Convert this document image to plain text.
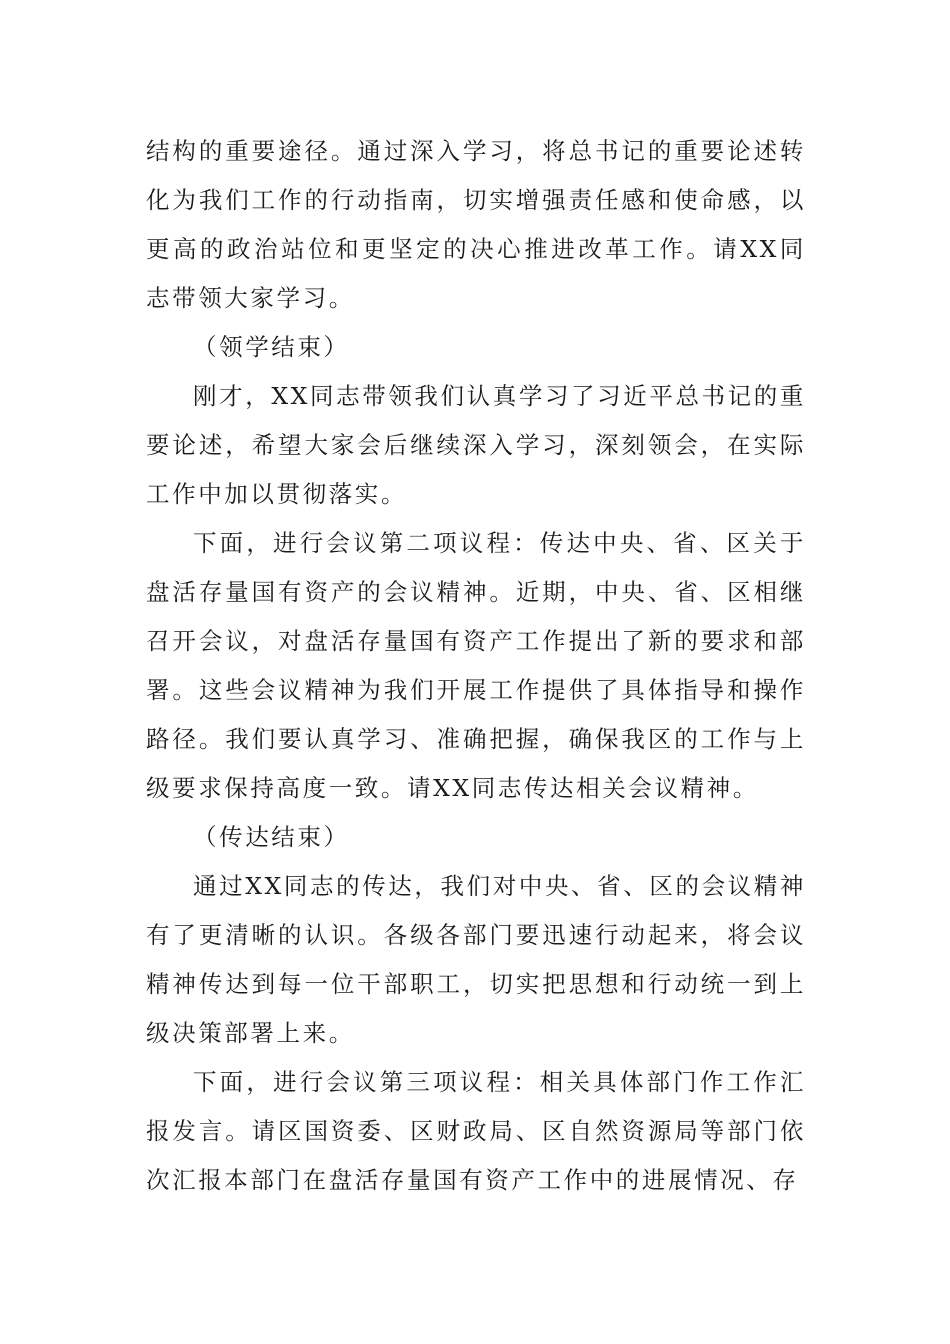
结构的重要途径。通过深入学习，将总书记的重要论述转化为我们工作的行动指南，切实增强责任感和使命感，以更高的政治站位和更坚定的决心推进改革工作。请XX同志带领大家学习。

（领学结束）

刚才，XX同志带领我们认真学习了习近平总书记的重要论述，希望大家会后继续深入学习，深刻领会，在实际工作中加以贯彻落实。

下面，进行会议第二项议程：传达中央、省、区关于盘活存量国有资产的会议精神。近期，中央、省、区相继召开会议，对盘活存量国有资产工作提出了新的要求和部署。这些会议精神为我们开展工作提供了具体指导和操作路径。我们要认真学习、准确把握，确保我区的工作与上级要求保持高度一致。请XX同志传达相关会议精神。

（传达结束）

通过XX同志的传达，我们对中央、省、区的会议精神有了更清晰的认识。各级各部门要迅速行动起来，将会议精神传达到每一位干部职工，切实把思想和行动统一到上级决策部署上来。

下面，进行会议第三项议程：相关具体部门作工作汇报发言。请区国资委、区财政局、区自然资源局等部门依次汇报本部门在盘活存量国有资产工作中的进展情况、存
